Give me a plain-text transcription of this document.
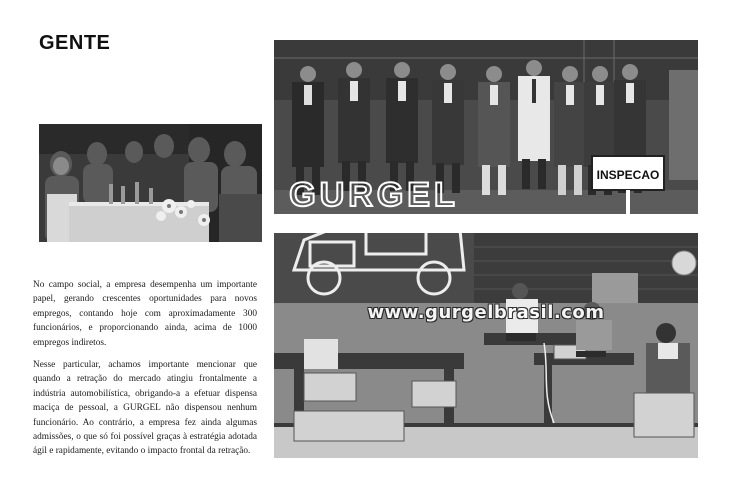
GENTE
INSPECAO
GURGEL
www.gurgelbrasil.com

No campo social, a empresa desempenha um importante papel, gerando crescentes oportunidades para novos empregos, contando hoje com aproximadamente 300 funcionários, e proporcionando ainda, acima de 1000 empregos indiretos.

Nesse particular, achamos importante mencionar que quando a retração do mercado atingiu frontalmente a indústria automobilística, obrigando-a a efetuar dispensa maciça de pessoal, a GURGEL não dispensou nenhum funcionário. Ao contrário, a empresa fez ainda algumas admissões, o que só foi possível graças à estratégia adotada ágil e rapidamente, evitando o impacto frontal da retração.
